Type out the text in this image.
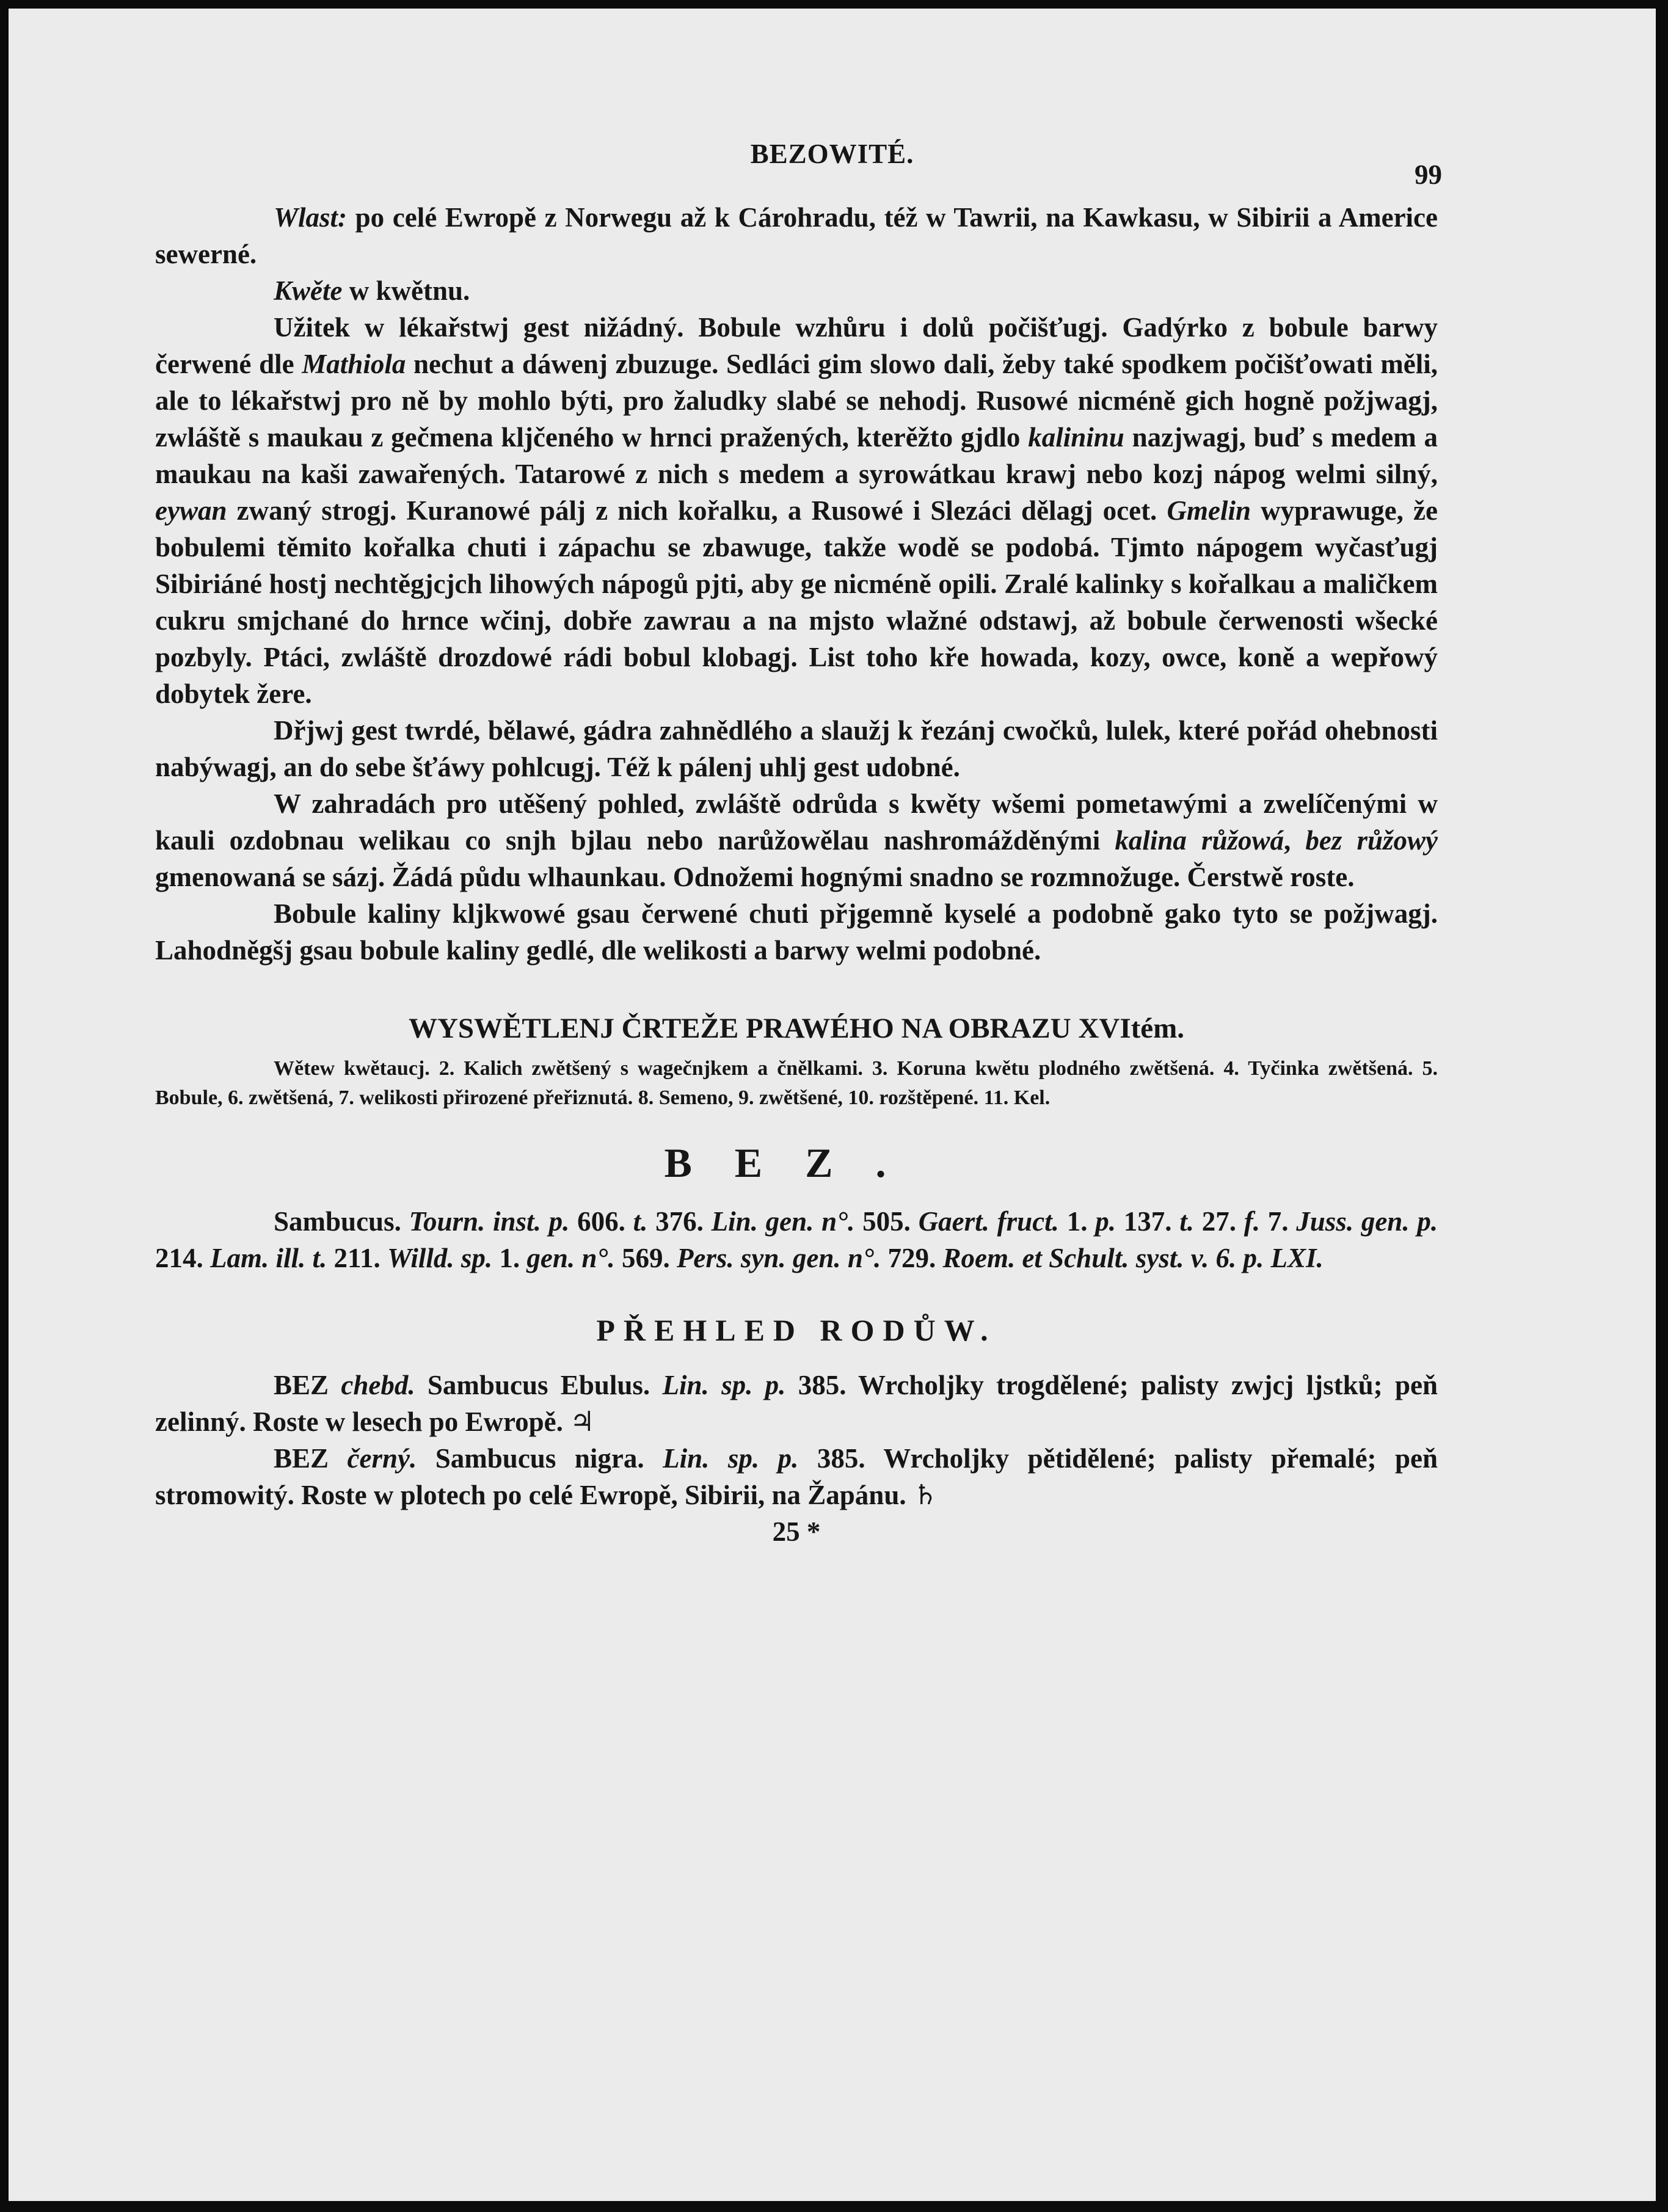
BEZOWITÉ.
99

Wlast: po celé Ewropě z Norwegu až k Cárohradu, též w Tawrii, na Kawkasu, w Sibirii a Americe sewerné.

Kwěte w kwětnu.

Užitek w lékařstwj gest nižádný. Bobule wzhůru i dolů počišťugj. Gadýrko z bobule barwy čerwené dle Mathiola nechut a dáwenj zbuzuge. Sedláci gim slowo dali, žeby také spodkem počišťowati měli, ale to lékařstwj pro ně by mohlo býti, pro žaludky slabé se nehodj. Rusowé nicméně gich hogně požjwagj, zwláště s maukau z gečmena kljčeného w hrnci pražených, kterěžto gjdlo kalininu nazjwagj, buď s medem a maukau na kaši zawařených. Tatarowé z nich s medem a syrowátkau krawj nebo kozj nápog welmi silný, eywan zwaný strogj. Kuranowé pálj z nich kořalku, a Rusowé i Slezáci dělagj ocet. Gmelin wyprawuge, že bobulemi těmito kořalka chuti i zápachu se zbawuge, takže wodě se podobá. Tjmto nápogem wyčasťugj Sibiriáné hostj nechtěgjcjch lihowých nápogů pjti, aby ge nicméně opili. Zralé kalinky s kořalkau a maličkem cukru smjchané do hrnce wčinj, dobře zawrau a na mjsto wlažné odstawj, až bobule čerwenosti wšecké pozbyly. Ptáci, zwláště drozdowé rádi bobul klobagj. List toho kře howada, kozy, owce, koně a wepřowý dobytek žere.

Dřjwj gest twrdé, bělawé, gádra zahnědlého a slaužj k řezánj cwočků, lulek, které pořád ohebnosti nabýwagj, an do sebe šťáwy pohlcugj. Též k pálenj uhlj gest udobné.

W zahradách pro utěšený pohled, zwláště odrůda s kwěty wšemi pometawými a zwelíčenými w kauli ozdobnau welikau co snjh bjlau nebo narůžowělau nashromážděnými kalina růžowá, bez růžowý gmenowaná se sázj. Žádá půdu wlhaunkau. Odnožemi hognými snadno se rozmnožuge. Čerstwě roste.

Bobule kaliny kljkwowé gsau čerwené chuti přjgemně kyselé a podobně gako tyto se požjwagj. Lahodněgšj gsau bobule kaliny gedlé, dle welikosti a barwy welmi podobné.

WYSWĚTLENJ ČRTEŽE PRAWÉHO NA OBRAZU XVItém.

Wětew kwětaucj. 2. Kalich zwětšený s wagečnjkem a čnělkami. 3. Koruna kwětu plodného zwětšená. 4. Tyčinka zwětšená. 5. Bobule, 6. zwětšená, 7. welikosti přirozené přeřiznutá. 8. Semeno, 9. zwětšené, 10. rozštěpené. 11. Kel.

BEZ.

Sambucus. Tourn. inst. p. 606. t. 376. Lin. gen. n°. 505. Gaert. fruct. 1. p. 137. t. 27. f. 7. Juss. gen. p. 214. Lam. ill. t. 211. Willd. sp. 1. gen. n°. 569. Pers. syn. gen. n°. 729. Roem. et Schult. syst. v. 6. p. LXI.

PŘEHLED RODŮW.

BEZ chebd. Sambucus Ebulus. Lin. sp. p. 385. Wrcholjky trogdělené; palisty zwjcj ljstků; peň zelinný. Roste w lesech po Ewropě. ♃

BEZ černý. Sambucus nigra. Lin. sp. p. 385. Wrcholjky pětidělené; palisty přemalé; peň stromowitý. Roste w plotech po celé Ewropě, Sibirii, na Žapánu. ♄

25 *
